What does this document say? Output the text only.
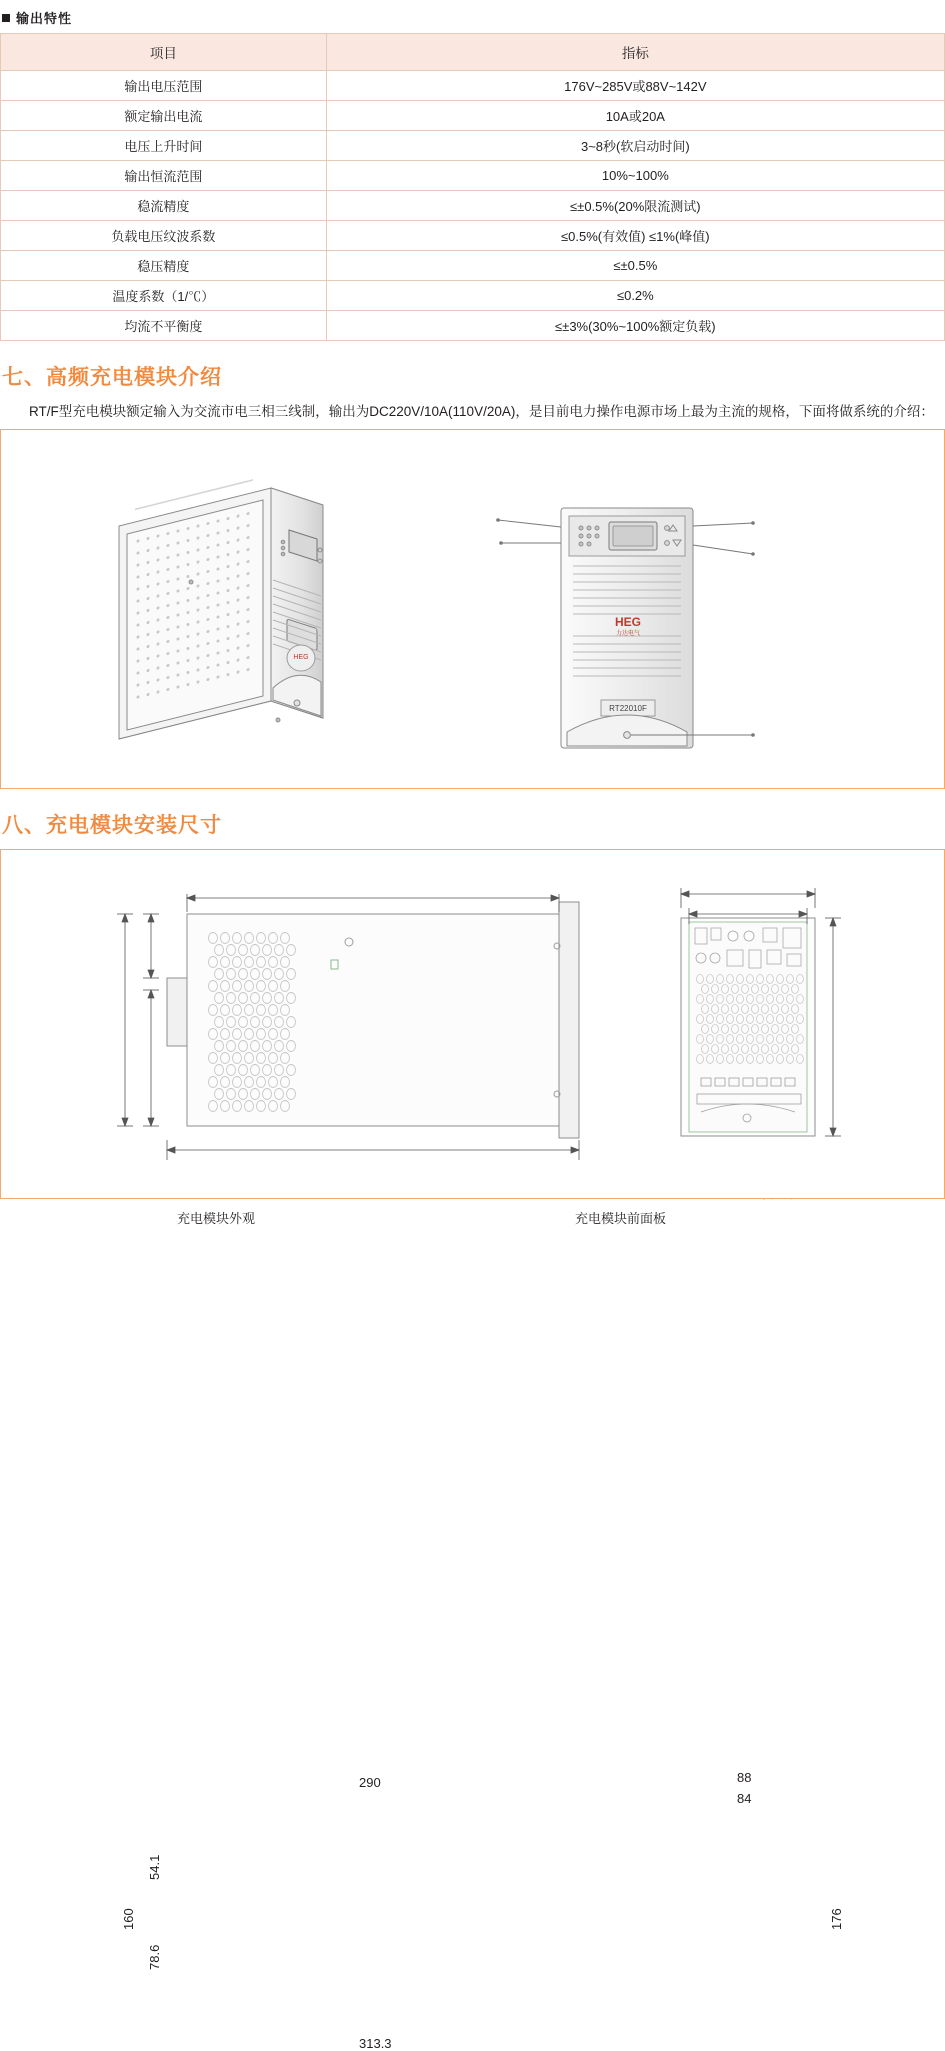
输出特性
项目	指标
输出电压范围	176V~285V或88V~142V
额定输出电流	10A或20A
电压上升时间	3~8秒(软启动时间)
输出恒流范围	10%~100%
稳流精度	≤±0.5%(20%限流测试)
负载电压纹波系数	≤0.5%(有效值) ≤1%(峰值)
稳压精度	≤±0.5%
温度系数（1/℃）	≤0.2%
均流不平衡度	≤±3%(30%~100%额定负载)
七、高频充电模块介绍

RT/F型充电模块额定输入为交流市电三相三线制，输出为DC220V/10A(110V/20A)，是目前电力操作电源市场上最为主流的规格，下面将做系统的介绍：

HEG
HEG
力达电气
RT22010F
充电模块外观	充电模块前面板
八、充电模块安装尺寸
290
313.3
160
54.1
78.6
88
84
176
